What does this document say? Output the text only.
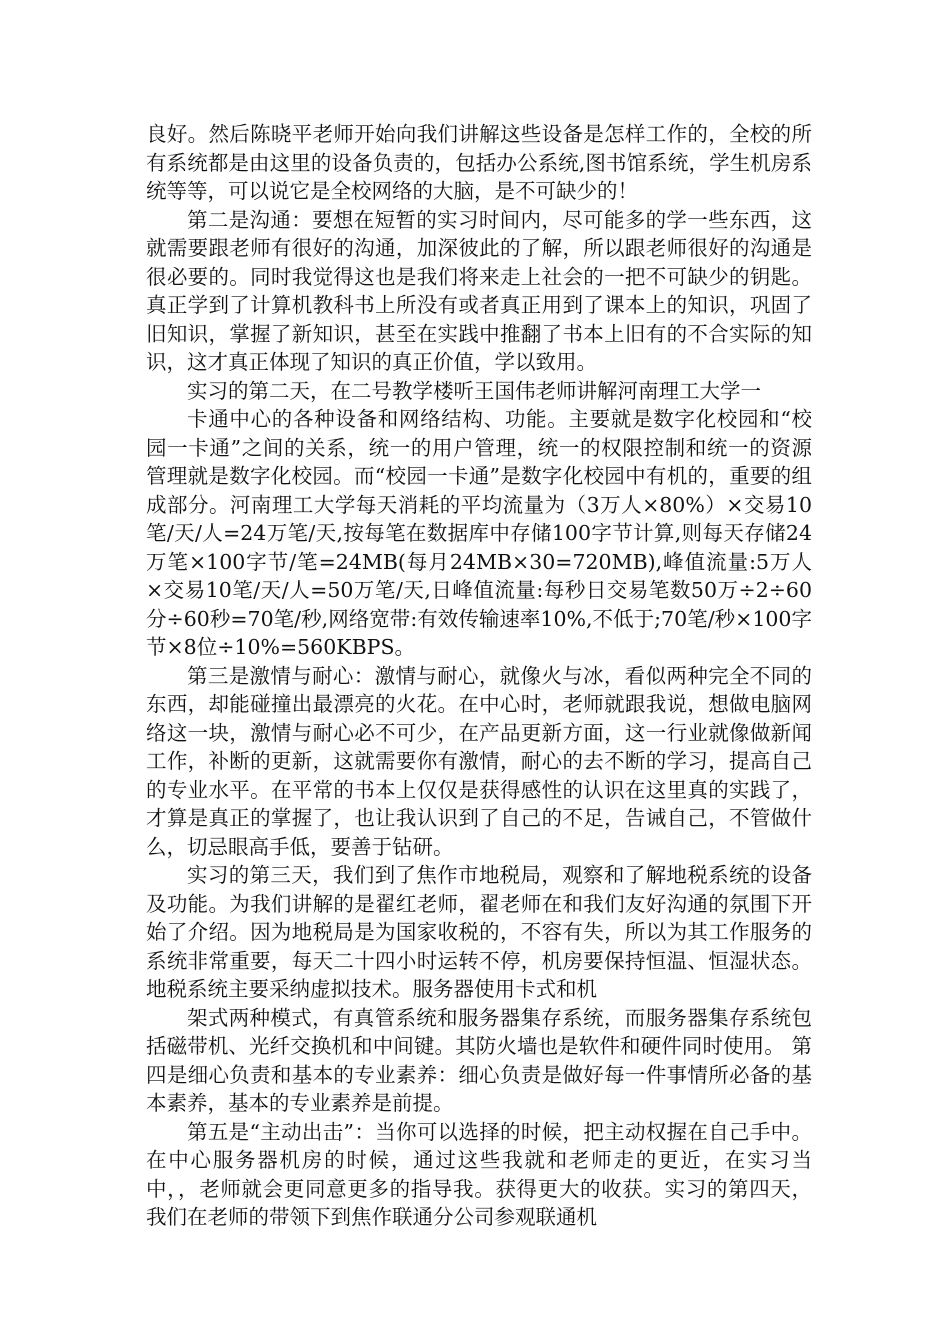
良好。然后陈晓平老师开始向我们讲解这些设备是怎样工作的，全校的所有系统都是由这里的设备负责的，包括办公系统,图书馆系统，学生机房系统等等，可以说它是全校网络的大脑，是不可缺少的！

第二是沟通：要想在短暂的实习时间内，尽可能多的学一些东西，这就需要跟老师有很好的沟通，加深彼此的了解，所以跟老师很好的沟通是很必要的。同时我觉得这也是我们将来走上社会的一把不可缺少的钥匙。真正学到了计算机教科书上所没有或者真正用到了课本上的知识，巩固了旧知识，掌握了新知识，甚至在实践中推翻了书本上旧有的不合实际的知识，这才真正体现了知识的真正价值，学以致用。

实习的第二天，在二号教学楼听王国伟老师讲解河南理工大学一

卡通中心的各种设备和网络结构、功能。主要就是数字化校园和“校园一卡通”之间的关系，统一的用户管理，统一的权限控制和统一的资源管理就是数字化校园。而“校园一卡通”是数字化校园中有机的，重要的组成部分。河南理工大学每天消耗的平均流量为（3万人×80%）×交易10笔/天/人=24万笔/天,按每笔在数据库中存储100字节计算,则每天存储24万笔×100字节/笔=24MB(每月24MB×30=720MB),峰值流量:5万人×交易10笔/天/人=50万笔/天,日峰值流量:每秒日交易笔数50万÷2÷60分÷60秒=70笔/秒,网络宽带:有效传输速率10%,不低于;70笔/秒×100字节×8位÷10%=560KBPS。

第三是激情与耐心：激情与耐心，就像火与冰，看似两种完全不同的东西，却能碰撞出最漂亮的火花。在中心时，老师就跟我说，想做电脑网络这一块，激情与耐心必不可少，在产品更新方面，这一行业就像做新闻工作，补断的更新，这就需要你有激情，耐心的去不断的学习，提高自己的专业水平。在平常的书本上仅仅是获得感性的认识在这里真的实践了，才算是真正的掌握了，也让我认识到了自己的不足，告诫自己，不管做什么，切忌眼高手低，要善于钻研。

实习的第三天，我们到了焦作市地税局，观察和了解地税系统的设备及功能。为我们讲解的是翟红老师，翟老师在和我们友好沟通的氛围下开始了介绍。因为地税局是为国家收税的，不容有失，所以为其工作服务的系统非常重要，每天二十四小时运转不停，机房要保持恒温、恒湿状态。地税系统主要采纳虚拟技术。服务器使用卡式和机

架式两种模式，有真管系统和服务器集存系统，而服务器集存系统包括磁带机、光纤交换机和中间键。其防火墙也是软件和硬件同时使用。 第四是细心负责和基本的专业素养：细心负责是做好每一件事情所必备的基本素养，基本的专业素养是前提。

第五是“主动出击”：当你可以选择的时候，把主动权握在自己手中。在中心服务器机房的时候，通过这些我就和老师走的更近，在实习当中，，老师就会更同意更多的指导我。获得更大的收获。实习的第四天，我们在老师的带领下到焦作联通分公司参观联通机
